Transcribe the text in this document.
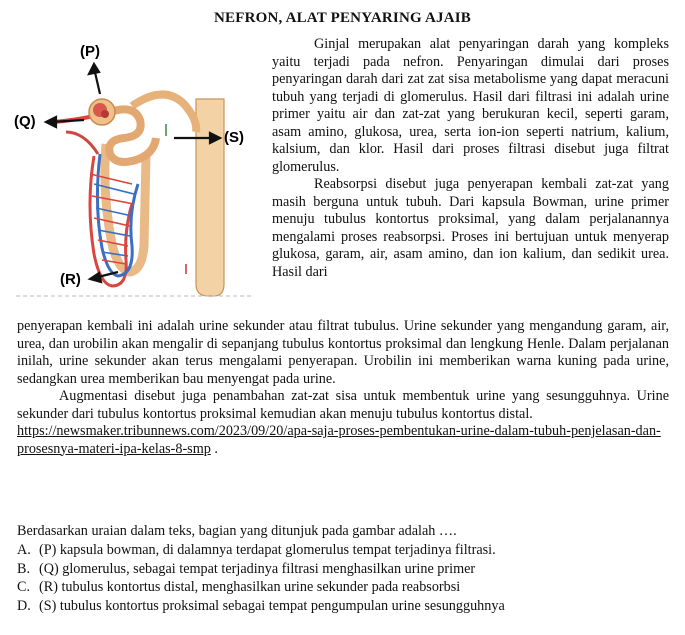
NEFRON, ALAT PENYARING AJAIB
(P)
(Q)
(S)
(R)

Ginjal merupakan alat penyaringan darah yang kompleks yaitu terjadi pada nefron. Penyaringan dimulai dari proses penyaringan darah dari zat zat sisa metabolisme yang dapat meracuni tubuh yang terjadi di glomerulus. Hasil dari filtrasi ini adalah urine primer yaitu air dan zat-zat yang berukuran kecil, seperti garam, asam amino, glukosa, urea, serta ion-ion seperti natrium, kalium, kalsium, dan klor. Hasil dari proses filtrasi disebut juga filtrat glomerulus.

Reabsorpsi disebut juga penyerapan kembali zat-zat yang masih berguna untuk tubuh. Dari kapsula Bowman, urine primer menuju tubulus kontortus proksimal, yang dalam perjalanannya mengalami proses reabsorpsi. Proses ini bertujuan untuk menyerap glukosa, garam, air, asam amino, dan ion kalium, dan sedikit urea. Hasil dari

penyerapan kembali ini adalah urine sekunder atau filtrat tubulus. Urine sekunder yang mengandung garam, air, urea, dan urobilin akan mengalir di sepanjang tubulus kontortus proksimal dan lengkung Henle. Dalam perjalanan inilah, urine sekunder akan terus mengalami penyerapan. Urobilin ini memberikan warna kuning pada urine, sedangkan urea memberikan bau menyengat pada urine.

Augmentasi disebut juga penambahan zat-zat sisa untuk membentuk urine yang sesungguhnya. Urine sekunder dari tubulus kontortus proksimal kemudian akan menuju tubulus kontortus distal.

https://newsmaker.tribunnews.com/2023/09/20/apa-saja-proses-pembentukan-urine-dalam-tubuh-penjelasan-dan-prosesnya-materi-ipa-kelas-8-smp .

Berdasarkan uraian dalam teks, bagian yang ditunjuk pada gambar adalah ….

A. (P) kapsula bowman, di dalamnya terdapat glomerulus tempat terjadinya filtrasi.
B. (Q) glomerulus, sebagai tempat terjadinya filtrasi menghasilkan urine primer
C. (R) tubulus kontortus distal, menghasilkan urine sekunder pada reabsorbsi
D. (S) tubulus kontortus proksimal sebagai tempat pengumpulan urine sesungguhnya
